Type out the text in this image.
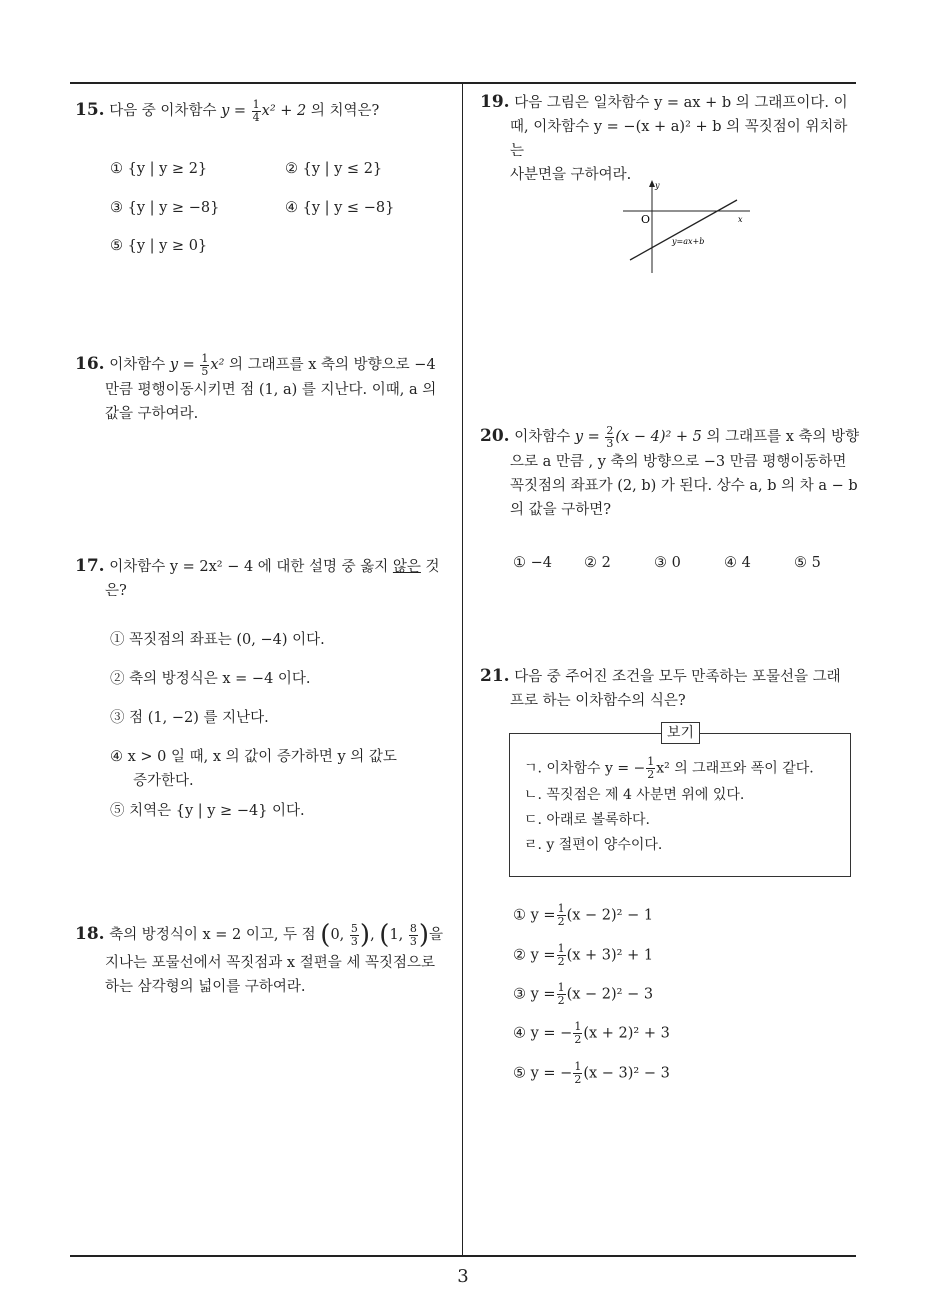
15. 다음 중 이차함수 $y = \frac{1}{4} x^2 + 2$ 의 치역은?
① {y | y ≥ 2}	② {y | y ≤ 2}
③ {y | y ≥ −8}	④ {y | y ≤ −8}
⑤ {y | y ≥ 0}
16. 이차함수 $y = \frac{1}{5} x^2$ 의 그래프를 x 축의 방향으로 −4
만큼 평행이동시키면 점 (1, a) 를 지난다. 이때, a 의
값을 구하여라.
17. 이차함수 y = 2x² − 4 에 대한 설명 중 옳지 않은 것
은?
① 꼭짓점의 좌표는 (0, −4) 이다.
② 축의 방정식은 x = −4 이다.
③ 점 (1, −2) 를 지난다.
④ x > 0 일 때, x 의 값이 증가하면 y 의 값도
증가한다.
⑤ 치역은 {y | y ≥ −4} 이다.
18. 축의 방정식이 x = 2 이고, 두 점 (0, $\frac{5}{3}$ ), (1, $\frac{8}{3}$ )을
지나는 포물선에서 꼭짓점과 x 절편을 세 꼭짓점으로
하는 삼각형의 넓이를 구하여라.
19. 다음 그림은 일차함수 y = ax + b 의 그래프이다. 이
때, 이차함수 y = −(x + a)² + b 의 꼭짓점이 위치하는
사분면을 구하여라.
O	x
y
y=ax+b
20. 이차함수 $y = \frac{2}{3} (x - 4)^2 + 5$ 의 그래프를 x 축의 방향
으로 a 만큼 , y 축의 방향으로 −3 만큼 평행이동하면
꼭짓점의 좌표가 (2, b) 가 된다. 상수 a, b 의 차 a − b
의 값을 구하면?
① −4 ② 2	③ 0	④ 4	⑤ 5
21. 다음 중 주어진 조건을 모두 만족하는 포물선을 그래
프로 하는 이차함수의 식은?
보기
ㄱ. 이차함수 y = − $\frac{1}{2} x^2$ 의 그래프와 폭이 같다.
ㄴ. 꼭짓점은 제 4 사분면 위에 있다.
ㄷ. 아래로 볼록하다.
ㄹ. y 절편이 양수이다.
① $y = \frac{1}{2} (x - 2)^2 - 1$
② $y = \frac{1}{2} (x + 3)^2 + 1$
③ $y = \frac{1}{2} (x - 2)^2 - 3$
④ y = − $\frac{1}{2} (x + 2)^2 + 3$
⑤ y = − $\frac{1}{2} (x - 3)^2 - 3$
3
